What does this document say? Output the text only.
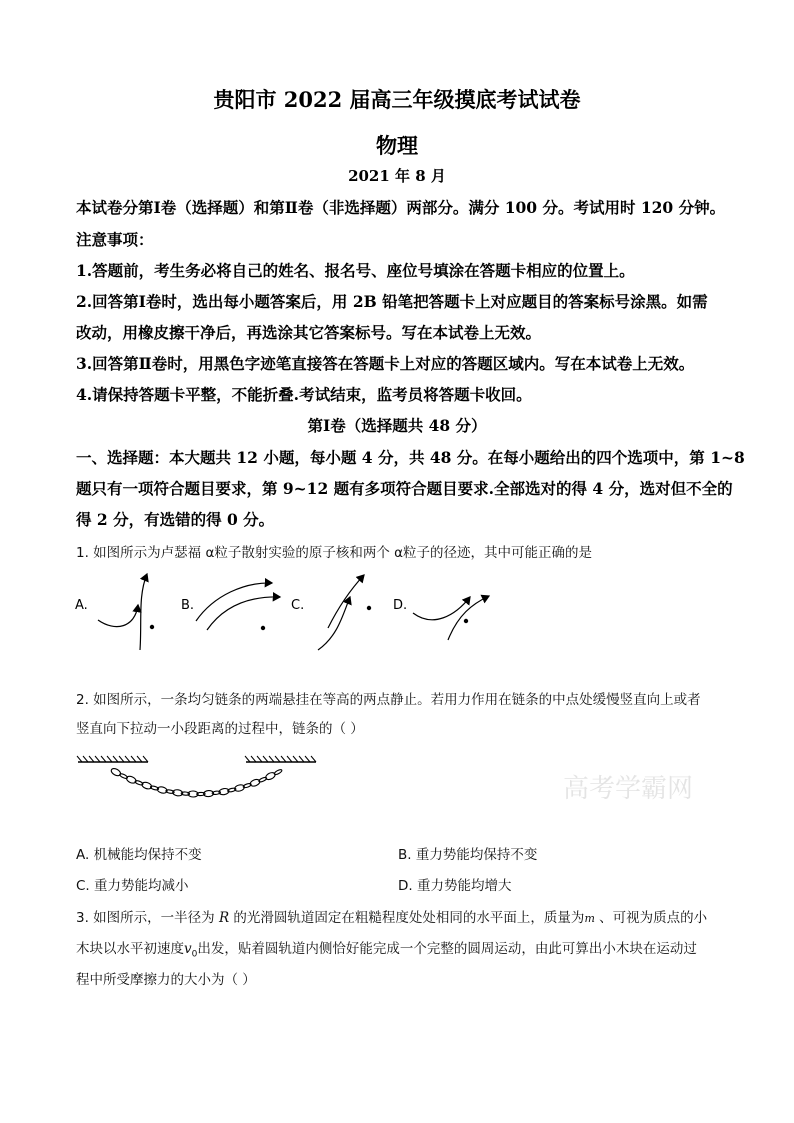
贵阳市 2022 届高三年级摸底考试试卷
物理
2021 年 8 月
本试卷分第Ⅰ卷（选择题）和第Ⅱ卷（非选择题）两部分。满分 100 分。考试用时 120 分钟。
注意事项：
1.答题前，考生务必将自己的姓名、报名号、座位号填涂在答题卡相应的位置上。
2.回答第Ⅰ卷时，选出每小题答案后，用 2B 铅笔把答题卡上对应题目的答案标号涂黑。如需
改动，用橡皮擦干净后，再选涂其它答案标号。写在本试卷上无效。
3.回答第Ⅱ卷时，用黑色字迹笔直接答在答题卡上对应的答题区域内。写在本试卷上无效。
4.请保持答题卡平整，不能折叠.考试结束，监考员将答题卡收回。
第Ⅰ卷（选择题共 48 分）
一、选择题：本大题共 12 小题，每小题 4 分，共 48 分。在每小题给出的四个选项中，第 1~8
题只有一项符合题目要求，第 9~12 题有多项符合题目要求.全部选对的得 4 分，选对但不全的
得 2 分，有选错的得 0 分。
1. 如图所示为卢瑟福 α粒子散射实验的原子核和两个 α粒子的径迹，其中可能正确的是
A.	B.	C.	D.
2. 如图所示，一条均匀链条的两端悬挂在等高的两点静止。若用力作用在链条的中点处缓慢竖直向上或者
竖直向下拉动一小段距离的过程中，链条的（ ）
高考学霸网
A. 机械能均保持不变	B. 重力势能均保持不变
C. 重力势能均减小	D. 重力势能均增大
3. 如图所示，一半径为 R 的光滑圆轨道固定在粗糙程度处处相同的水平面上，质量为m 、可视为质点的小
木块以水平初速度$v_0$出发，贴着圆轨道内侧恰好能完成一个完整的圆周运动，由此可算出小木块在运动过
程中所受摩擦力的大小为（ ）
